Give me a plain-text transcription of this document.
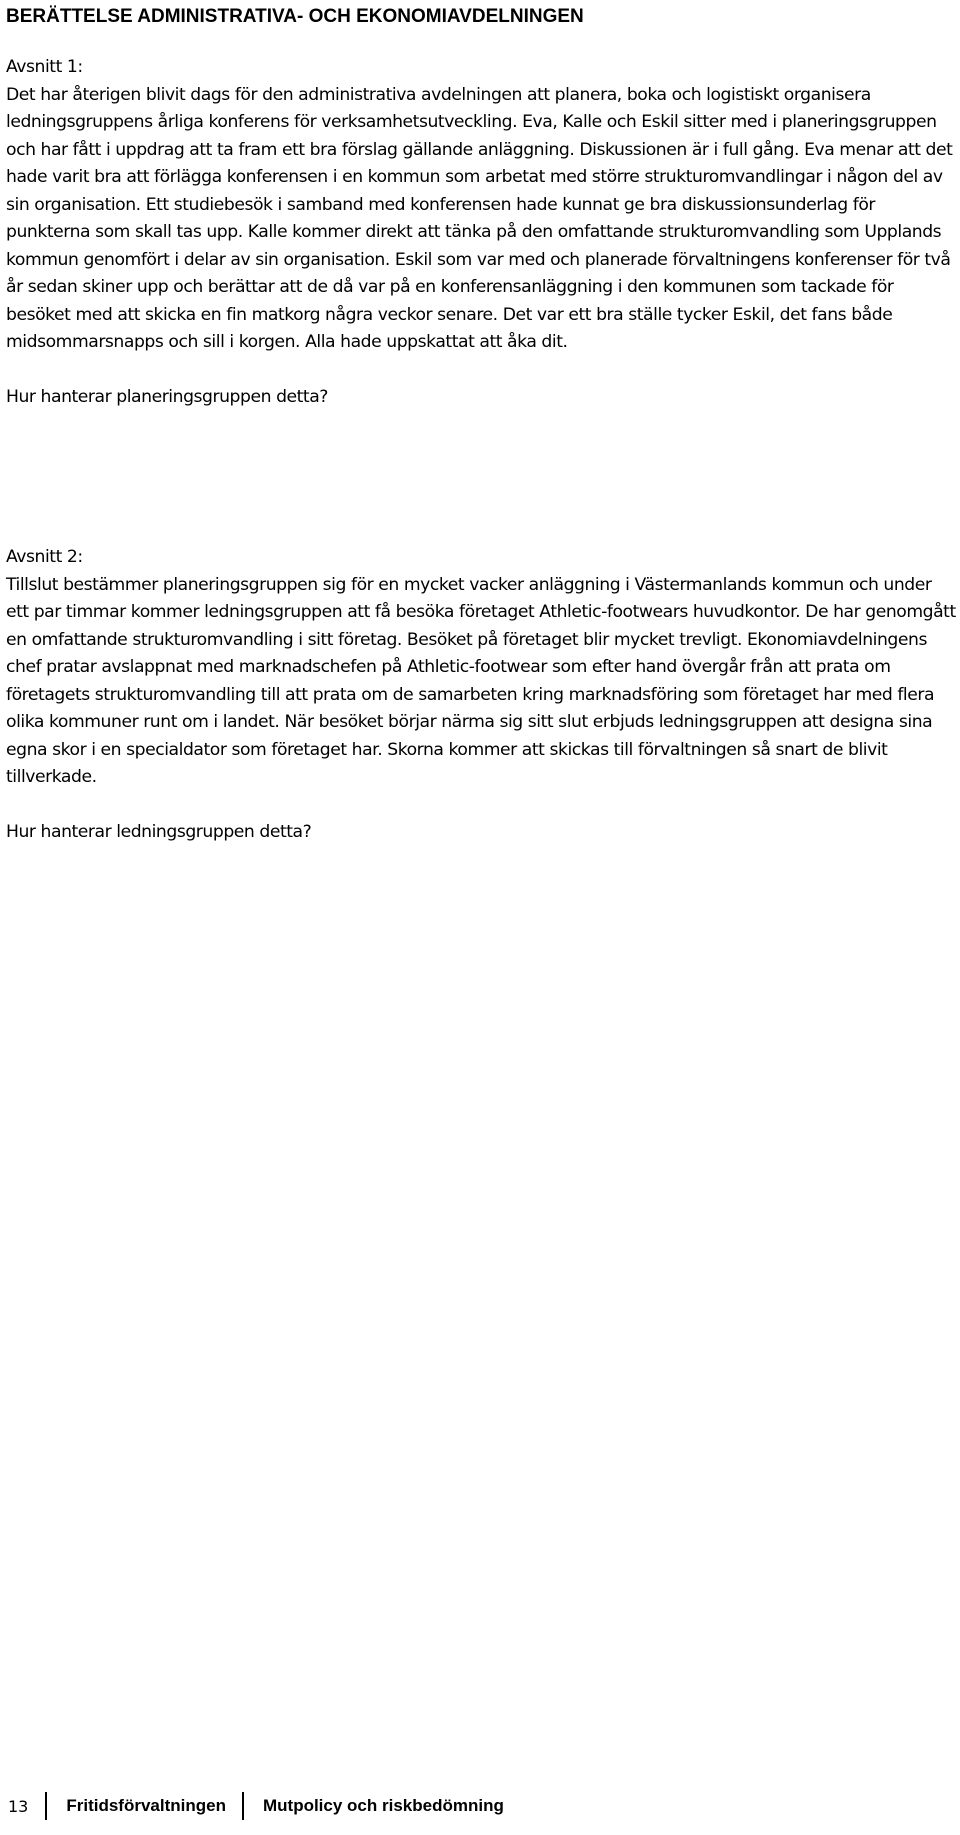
BERÄTTELSE ADMINISTRATIVA- OCH EKONOMIAVDELNINGEN

Avsnitt 1:

Det har återigen blivit dags för den administrativa avdelningen att planera, boka och logistiskt organisera ledningsgruppens årliga konferens för verksamhetsutveckling. Eva, Kalle och Eskil sitter med i planeringsgruppen och har fått i uppdrag att ta fram ett bra förslag gällande anläggning. Diskussionen är i full gång. Eva menar att det hade varit bra att förlägga konferensen i en kommun som arbetat med större strukturomvandlingar i någon del av sin organisation. Ett studiebesök i samband med konferensen hade kunnat ge bra diskussionsunderlag för punkterna som skall tas upp. Kalle kommer direkt att tänka på den omfattande strukturomvandling som Upplands kommun genomfört i delar av sin organisation. Eskil som var med och planerade förvaltningens konferenser för två år sedan skiner upp och berättar att de då var på en konferensanläggning i den kommunen som tackade för besöket med att skicka en fin matkorg några veckor senare. Det var ett bra ställe tycker Eskil, det fans både midsommarsnapps och sill i korgen. Alla hade uppskattat att åka dit.

Hur hanterar planeringsgruppen detta?

Avsnitt 2:

Tillslut bestämmer planeringsgruppen sig för en mycket vacker anläggning i Västermanlands kommun och under ett par timmar kommer ledningsgruppen att få besöka företaget Athletic-footwears huvudkontor. De har genomgått en omfattande strukturomvandling i sitt företag. Besöket på företaget blir mycket trevligt. Ekonomiavdelningens chef pratar avslappnat med marknadschefen på Athletic-footwear som efter hand övergår från att prata om företagets strukturomvandling till att prata om de samarbeten kring marknadsföring som företaget har med flera olika kommuner runt om i landet. När besöket börjar närma sig sitt slut erbjuds ledningsgruppen att designa sina egna skor i en specialdator som företaget har. Skorna kommer att skickas till förvaltningen så snart de blivit tillverkade.

Hur hanterar ledningsgruppen detta?

13 Fritidsförvaltningen Mutpolicy och riskbedömning
